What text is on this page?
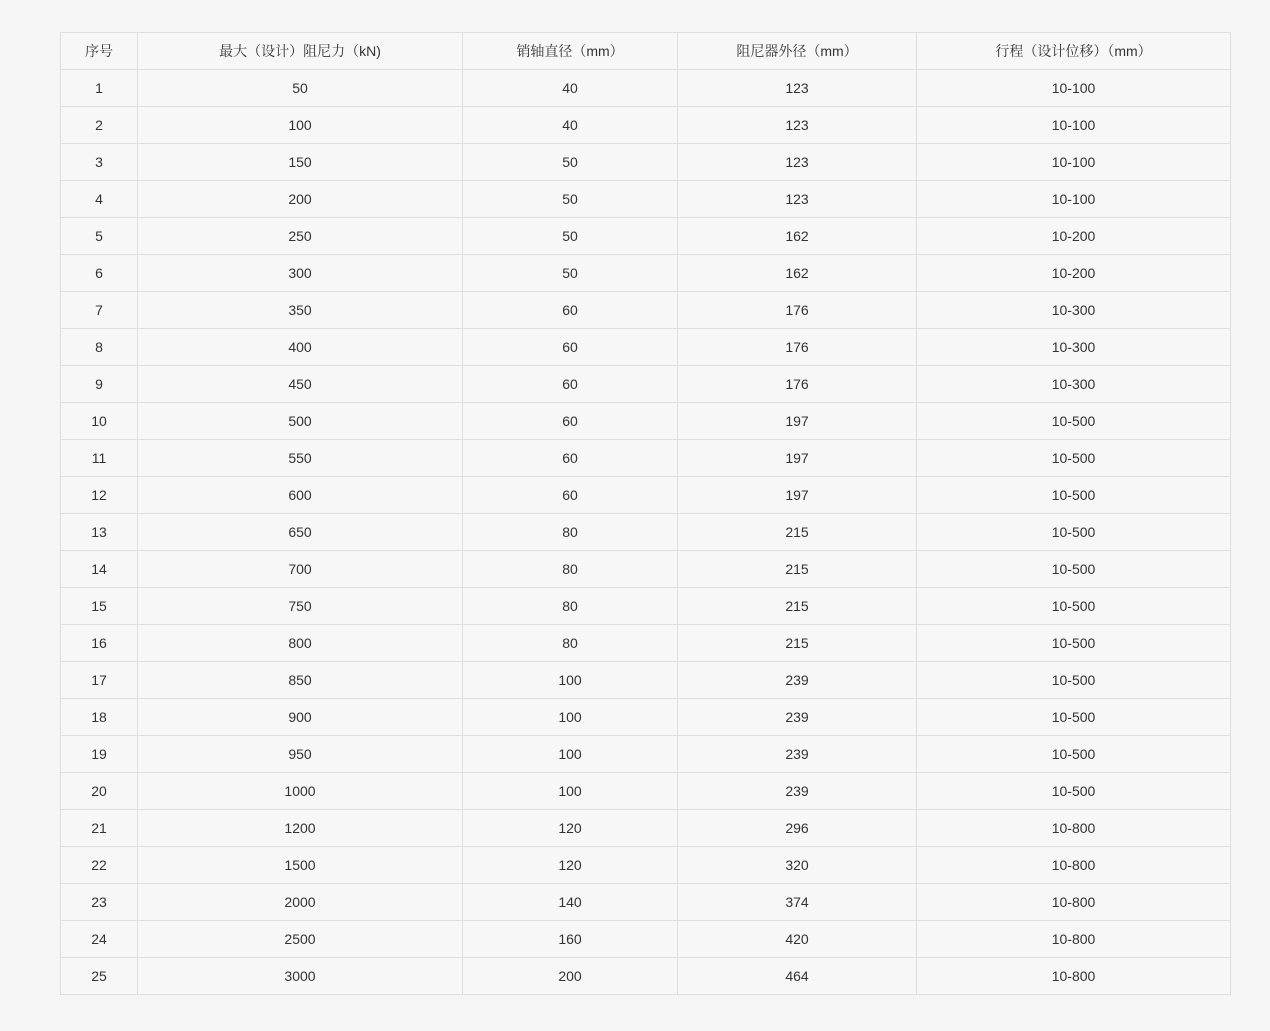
序号	最大（设计）阻尼力（kN)	销轴直径（mm）	阻尼器外径（mm）	行程（设计位移）（mm）
1	50	40	123	10-100
2	100	40	123	10-100
3	150	50	123	10-100
4	200	50	123	10-100
5	250	50	162	10-200
6	300	50	162	10-200
7	350	60	176	10-300
8	400	60	176	10-300
9	450	60	176	10-300
10	500	60	197	10-500
11	550	60	197	10-500
12	600	60	197	10-500
13	650	80	215	10-500
14	700	80	215	10-500
15	750	80	215	10-500
16	800	80	215	10-500
17	850	100	239	10-500
18	900	100	239	10-500
19	950	100	239	10-500
20	1000	100	239	10-500
21	1200	120	296	10-800
22	1500	120	320	10-800
23	2000	140	374	10-800
24	2500	160	420	10-800
25	3000	200	464	10-800
